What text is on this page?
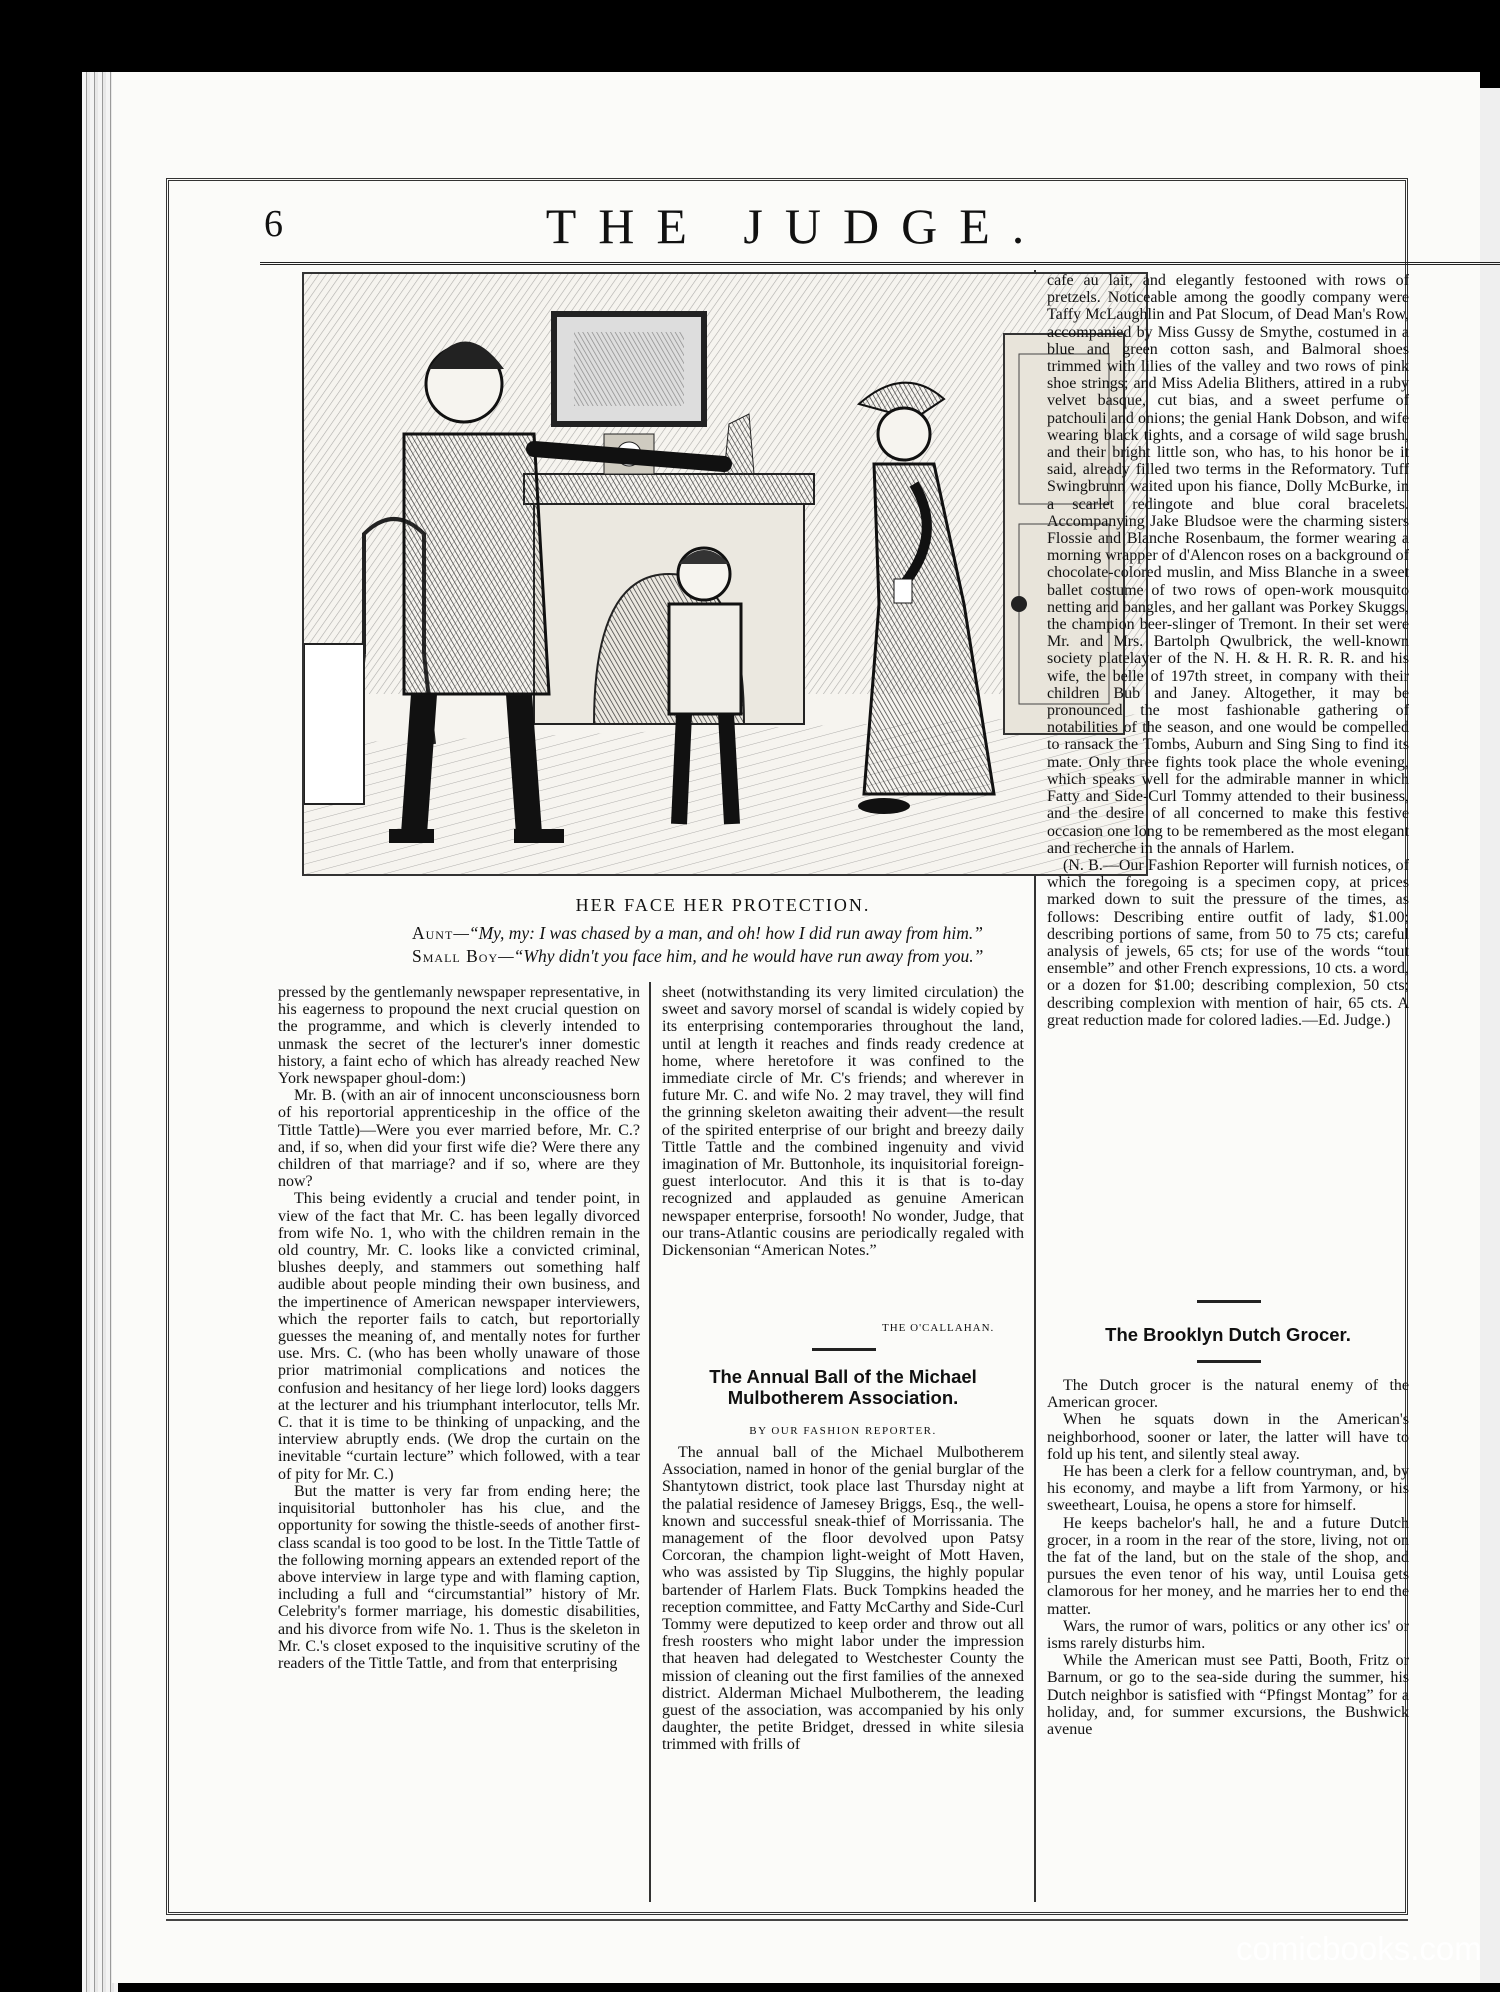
6	THE JUDGE.
HER FACE HER PROTECTION.
Aunt—“My, my: I was chased by a man, and oh! how I did run away from him.”
Small Boy—“Why didn't you face him, and he would have run away from you.”

pressed by the gentlemanly newspaper representative, in his eagerness to propound the next crucial question on the programme, and which is cleverly intended to unmask the secret of the lecturer's inner domestic history, a faint echo of which has already reached New York newspaper ghoul-dom:)

Mr. B. (with an air of innocent unconsciousness born of his reportorial apprenticeship in the office of the Tittle Tattle)—Were you ever married before, Mr. C.? and, if so, when did your first wife die? Were there any children of that marriage? and if so, where are they now?

This being evidently a crucial and tender point, in view of the fact that Mr. C. has been legally divorced from wife No. 1, who with the children remain in the old country, Mr. C. looks like a convicted criminal, blushes deeply, and stammers out something half audible about people minding their own business, and the impertinence of American newspaper interviewers, which the reporter fails to catch, but reportorially guesses the meaning of, and mentally notes for further use. Mrs. C. (who has been wholly unaware of those prior matrimonial complications and notices the confusion and hesitancy of her liege lord) looks daggers at the lecturer and his triumphant interlocutor, tells Mr. C. that it is time to be thinking of unpacking, and the interview abruptly ends. (We drop the curtain on the inevitable “curtain lecture” which followed, with a tear of pity for Mr. C.)

But the matter is very far from ending here; the inquisitorial buttonholer has his clue, and the opportunity for sowing the thistle-seeds of another first-class scandal is too good to be lost. In the Tittle Tattle of the following morning appears an extended report of the above interview in large type and with flaming caption, including a full and “circumstantial” history of Mr. Celebrity's former marriage, his domestic disabilities, and his divorce from wife No. 1. Thus is the skeleton in Mr. C.'s closet exposed to the inquisitive scrutiny of the readers of the Tittle Tattle, and from that enterprising

sheet (notwithstanding its very limited circulation) the sweet and savory morsel of scandal is widely copied by its enterprising contemporaries throughout the land, until at length it reaches and finds ready credence at home, where heretofore it was confined to the immediate circle of Mr. C's friends; and wherever in future Mr. C. and wife No. 2 may travel, they will find the grinning skeleton awaiting their advent—the result of the spirited enterprise of our bright and breezy daily Tittle Tattle and the combined ingenuity and vivid imagination of Mr. Buttonhole, its inquisitorial foreign-guest interlocutor. And this it is that is to-day recognized and applauded as genuine American newspaper enterprise, forsooth! No wonder, Judge, that our trans-Atlantic cousins are periodically regaled with Dickensonian “American Notes.”

THE O'CALLAHAN.
The Annual Ball of the Michael Mulbotherem Association.
BY OUR FASHION REPORTER.

The annual ball of the Michael Mulbotherem Association, named in honor of the genial burglar of the Shantytown district, took place last Thursday night at the palatial residence of Jamesey Briggs, Esq., the well-known and successful sneak-thief of Morrissania. The management of the floor devolved upon Patsy Corcoran, the champion light-weight of Mott Haven, who was assisted by Tip Sluggins, the highly popular bartender of Harlem Flats. Buck Tompkins headed the reception committee, and Fatty McCarthy and Side-Curl Tommy were deputized to keep order and throw out all fresh roosters who might labor under the impression that heaven had delegated to Westchester County the mission of cleaning out the first families of the annexed district. Alderman Michael Mulbotherem, the leading guest of the association, was accompanied by his only daughter, the petite Bridget, dressed in white silesia trimmed with frills of

cafe au lait, and elegantly festooned with rows of pretzels. Noticeable among the goodly company were Taffy McLaughlin and Pat Slocum, of Dead Man's Row, accompanied by Miss Gussy de Smythe, costumed in a blue and green cotton sash, and Balmoral shoes trimmed with lilies of the valley and two rows of pink shoe strings; and Miss Adelia Blithers, attired in a ruby velvet basque, cut bias, and a sweet perfume of patchouli and onions; the genial Hank Dobson, and wife wearing black tights, and a corsage of wild sage brush, and their bright little son, who has, to his honor be it said, already filled two terms in the Reformatory. Tuff Swingbrunn waited upon his fiance, Dolly McBurke, in a scarlet redingote and blue coral bracelets. Accompanying Jake Bludsoe were the charming sisters Flossie and Blanche Rosenbaum, the former wearing a morning wrapper of d'Alencon roses on a background of chocolate-colored muslin, and Miss Blanche in a sweet ballet costume of two rows of open-work mousquito netting and bangles, and her gallant was Porkey Skuggs, the champion beer-slinger of Tremont. In their set were Mr. and Mrs. Bartolph Qwulbrick, the well-known society platelayer of the N. H. & H. R. R. R. and his wife, the belle of 197th street, in company with their children Bub and Janey. Altogether, it may be pronounced the most fashionable gathering of notabilities of the season, and one would be compelled to ransack the Tombs, Auburn and Sing Sing to find its mate. Only three fights took place the whole evening, which speaks well for the admirable manner in which Fatty and Side-Curl Tommy attended to their business, and the desire of all concerned to make this festive occasion one long to be remembered as the most elegant and recherche in the annals of Harlem.

(N. B.—Our Fashion Reporter will furnish notices, of which the foregoing is a specimen copy, at prices marked down to suit the pressure of the times, as follows: Describing entire outfit of lady, $1.00; describing portions of same, from 50 to 75 cts; careful analysis of jewels, 65 cts; for use of the words “tout ensemble” and other French expressions, 10 cts. a word, or a dozen for $1.00; describing complexion, 50 cts; describing complexion with mention of hair, 65 cts. A great reduction made for colored ladies.—Ed. Judge.)

The Brooklyn Dutch Grocer.

The Dutch grocer is the natural enemy of the American grocer.

When he squats down in the American's neighborhood, sooner or later, the latter will have to fold up his tent, and silently steal away.

He has been a clerk for a fellow countryman, and, by his economy, and maybe a lift from Yarmony, or his sweetheart, Louisa, he opens a store for himself.

He keeps bachelor's hall, he and a future Dutch grocer, in a room in the rear of the store, living, not on the fat of the land, but on the stale of the shop, and pursues the even tenor of his way, until Louisa gets clamorous for her money, and he marries her to end the matter.

Wars, the rumor of wars, politics or any other ics' or isms rarely disturbs him.

While the American must see Patti, Booth, Fritz or Barnum, or go to the sea-side during the summer, his Dutch neighbor is satisfied with “Pfingst Montag” for a holiday, and, for summer excursions, the Bushwick avenue

comicbooks.com
